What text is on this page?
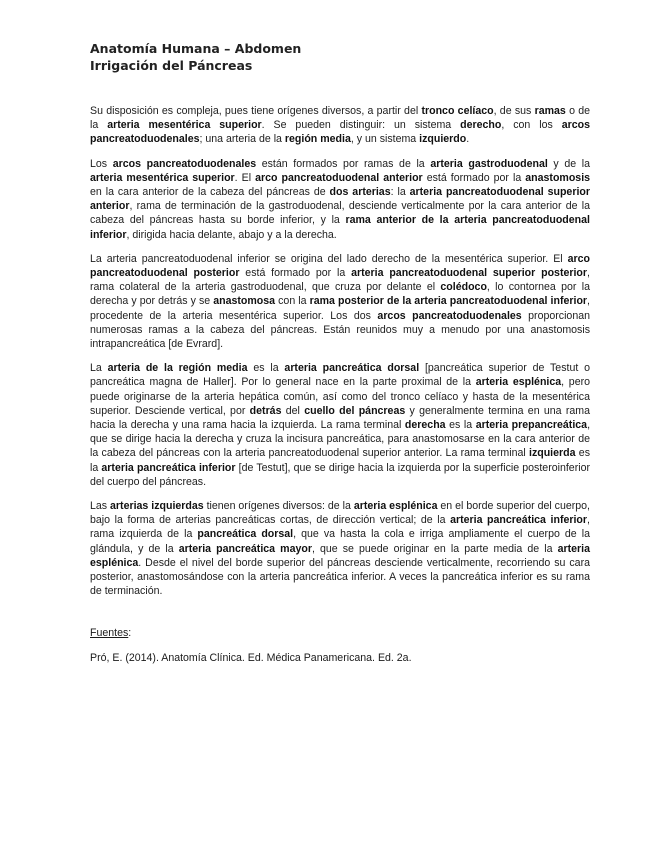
Anatomía Humana – Abdomen
Irrigación del Páncreas

Su disposición es compleja, pues tiene orígenes diversos, a partir del tronco celíaco, de sus ramas o de la arteria mesentérica superior. Se pueden distinguir: un sistema derecho, con los arcos pancreatoduodenales; una arteria de la región media, y un sistema izquierdo.

Los arcos pancreatoduodenales están formados por ramas de la arteria gastroduodenal y de la arteria mesentérica superior. El arco pancreatoduodenal anterior está formado por la anastomosis en la cara anterior de la cabeza del páncreas de dos arterias: la arteria pancreatoduodenal superior anterior, rama de terminación de la gastroduodenal, desciende verticalmente por la cara anterior de la cabeza del páncreas hasta su borde inferior, y la rama anterior de la arteria pancreatoduodenal inferior, dirigida hacia delante, abajo y a la derecha.

La arteria pancreatoduodenal inferior se origina del lado derecho de la mesentérica superior. El arco pancreatoduodenal posterior está formado por la arteria pancreatoduodenal superior posterior, rama colateral de la arteria gastroduodenal, que cruza por delante el colédoco, lo contornea por la derecha y por detrás y se anastomosa con la rama posterior de la arteria pancreatoduodenal inferior, procedente de la arteria mesentérica superior. Los dos arcos pancreatoduodenales proporcionan numerosas ramas a la cabeza del páncreas. Están reunidos muy a menudo por una anastomosis intrapancreática [de Evrard].

La arteria de la región media es la arteria pancreática dorsal [pancreática superior de Testut o pancreática magna de Haller]. Por lo general nace en la parte proximal de la arteria esplénica, pero puede originarse de la arteria hepática común, así como del tronco celíaco y hasta de la mesentérica superior. Desciende vertical, por detrás del cuello del páncreas y generalmente termina en una rama hacia la derecha y una rama hacia la izquierda. La rama terminal derecha es la arteria prepancreática, que se dirige hacia la derecha y cruza la incisura pancreática, para anastomosarse en la cara anterior de la cabeza del páncreas con la arteria pancreatoduodenal superior anterior. La rama terminal izquierda es la arteria pancreática inferior [de Testut], que se dirige hacia la izquierda por la superficie posteroinferior del cuerpo del páncreas.

Las arterias izquierdas tienen orígenes diversos: de la arteria esplénica en el borde superior del cuerpo, bajo la forma de arterias pancreáticas cortas, de dirección vertical; de la arteria pancreática inferior, rama izquierda de la pancreática dorsal, que va hasta la cola e irriga ampliamente el cuerpo de la glándula, y de la arteria pancreática mayor, que se puede originar en la parte media de la arteria esplénica. Desde el nivel del borde superior del páncreas desciende verticalmente, recorriendo su cara posterior, anastomosándose con la arteria pancreática inferior. A veces la pancreática inferior es su rama de terminación.

Fuentes:
Pró, E. (2014). Anatomía Clínica. Ed. Médica Panamericana. Ed. 2a.
